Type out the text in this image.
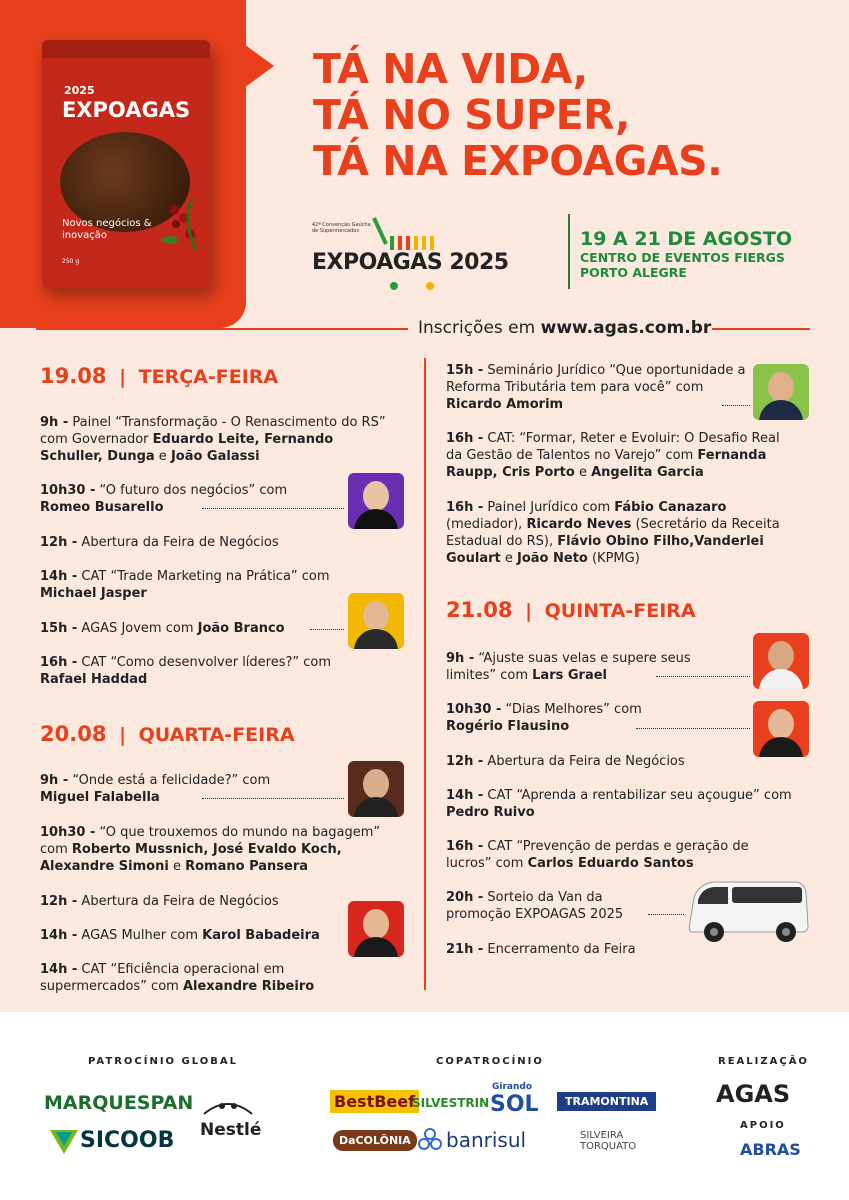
2025
EXPOAGAS
Novos negócios & inovação
250 g
TÁ NA VIDA,
TÁ NO SUPER,
TÁ NA EXPOAGAS.
42ª Convenção Gaúcha de Supermercados
EXPOAGAS 2025
19 A 21 DE AGOSTO
CENTRO DE EVENTOS FIERGS
PORTO ALEGRE
Inscrições em www.agas.com.br
19.08 | TERÇA-FEIRA
9h - Painel “Transformação - O Renascimento do RS” com Governador Eduardo Leite, Fernando Schuller, Dunga e João Galassi
10h30 - “O futuro dos negócios” com Romeo Busarello
12h - Abertura da Feira de Negócios
14h - CAT “Trade Marketing na Prática” com Michael Jasper
15h - AGAS Jovem com João Branco
16h - CAT “Como desenvolver líderes?” com Rafael Haddad
20.08 | QUARTA-FEIRA
9h - “Onde está a felicidade?” com Miguel Falabella
10h30 - “O que trouxemos do mundo na bagagem” com Roberto Mussnich, José Evaldo Koch, Alexandre Simoni e Romano Pansera
12h - Abertura da Feira de Negócios
14h - AGAS Mulher com Karol Babadeira
14h - CAT “Eficiência operacional em supermercados” com Alexandre Ribeiro
15h - Seminário Jurídico “Que oportunidade a Reforma Tributária tem para você” com Ricardo Amorim
16h - CAT: “Formar, Reter e Evoluir: O Desafio Real da Gestão de Talentos no Varejo” com Fernanda Raupp, Cris Porto e Angelita Garcia
16h - Painel Jurídico com Fábio Canazaro (mediador), Ricardo Neves (Secretário da Receita Estadual do RS), Flávio Obino Filho,Vanderlei Goulart e João Neto (KPMG)
21.08 | QUINTA-FEIRA
9h - “Ajuste suas velas e supere seus limites” com Lars Grael
10h30 - “Dias Melhores” com Rogério Flausino
12h - Abertura da Feira de Negócios
14h - CAT “Aprenda a rentabilizar seu açougue” com Pedro Ruivo
16h - CAT “Prevenção de perdas e geração de lucros” com Carlos Eduardo Santos
20h - Sorteio da Van da promoção EXPOAGAS 2025
21h - Encerramento da Feira
PATROCÍNIO GLOBAL	COPATROCÍNIO	REALIZAÇÃO
APOIO
MARQUESPAN
Nestlé
SICOOB
BestBeef
SILVESTRIN
Girando
SOL	TRAMONTINA
DaCOLÔNIA	banrisul	SILVEIRA
TORQUATO
AGAS
ABRAS
